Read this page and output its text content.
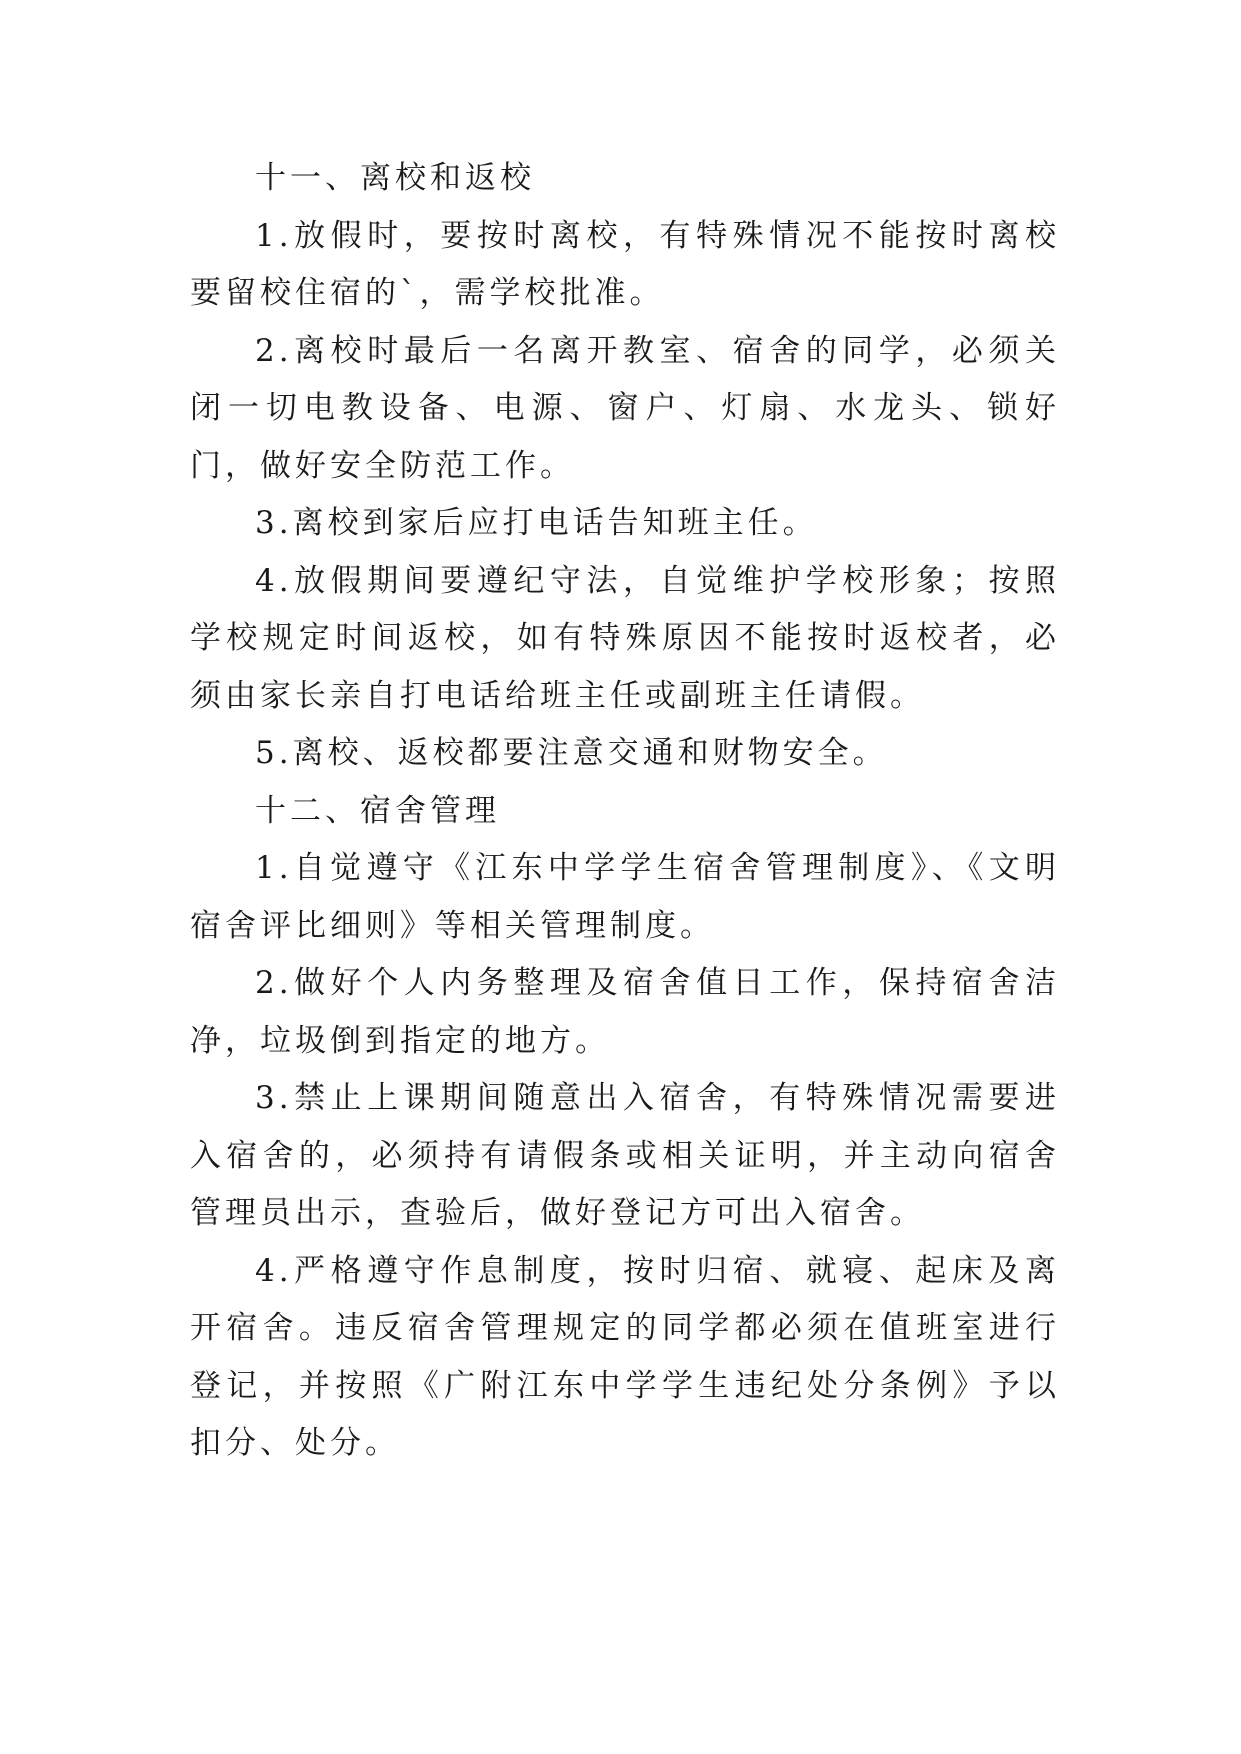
十一、离校和返校

1.放假时，要按时离校，有特殊情况不能按时离校要留校住宿的`，需学校批准。

2.离校时最后一名离开教室、宿舍的同学，必须关闭一切电教设备、电源、窗户、灯扇、水龙头、锁好门，做好安全防范工作。

3.离校到家后应打电话告知班主任。

4.放假期间要遵纪守法，自觉维护学校形象；按照学校规定时间返校，如有特殊原因不能按时返校者，必须由家长亲自打电话给班主任或副班主任请假。

5.离校、返校都要注意交通和财物安全。

十二、宿舍管理

1.自觉遵守《江东中学学生宿舍管理制度》、《文明宿舍评比细则》等相关管理制度。

2.做好个人内务整理及宿舍值日工作，保持宿舍洁净，垃圾倒到指定的地方。

3.禁止上课期间随意出入宿舍，有特殊情况需要进入宿舍的，必须持有请假条或相关证明，并主动向宿舍管理员出示，查验后，做好登记方可出入宿舍。

4.严格遵守作息制度，按时归宿、就寝、起床及离开宿舍。违反宿舍管理规定的同学都必须在值班室进行登记，并按照《广附江东中学学生违纪处分条例》予以扣分、处分。
